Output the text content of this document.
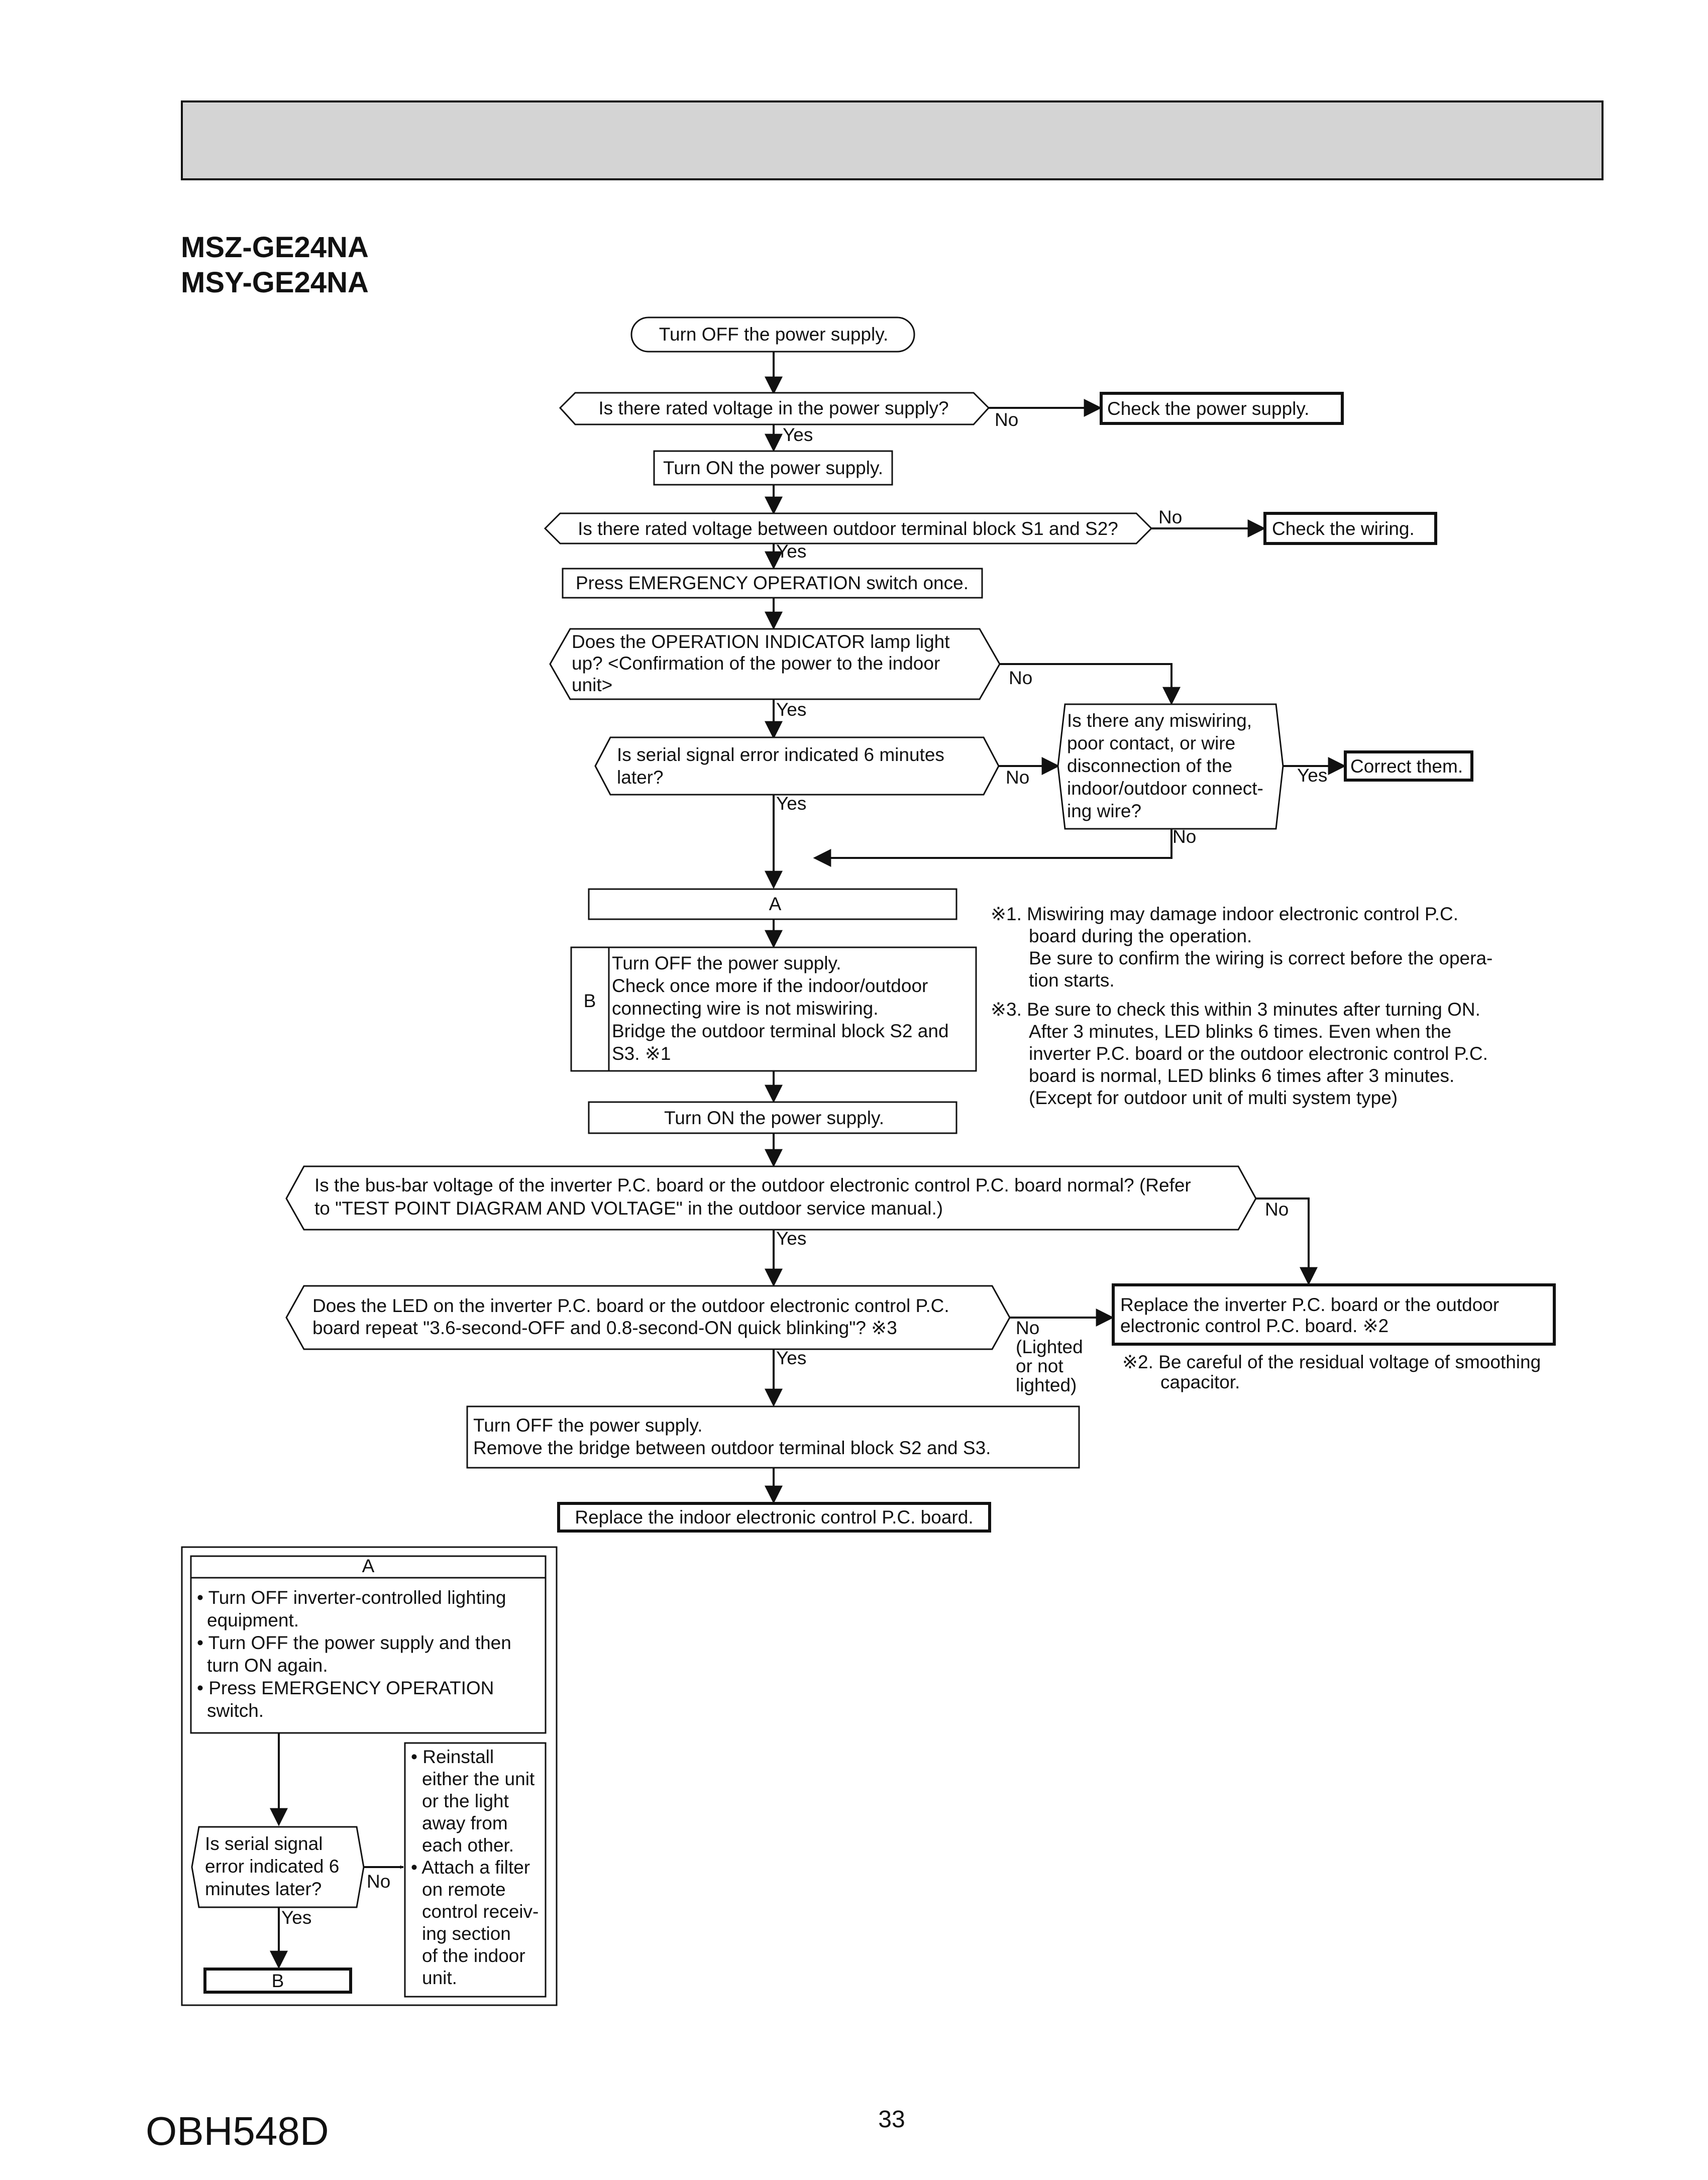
MSZ-GE24NA
MSY-GE24NA
Turn OFF the power supply.
Is there rated voltage in the power supply?
No
Yes
Check the power supply.
Turn ON the power supply.
Is there rated voltage between outdoor terminal block S1 and S2?
No
Yes
Check the wiring.
Press EMERGENCY OPERATION switch once.
Does the OPERATION INDICATOR lamp light
up? <Confirmation of the power to the indoor
unit>	No
Yes
Is there any miswiring,
poor contact, or wire
disconnection of the
indoor/outdoor connect-
ing wire?
Yes
No
Correct them.
Is serial signal error indicated 6 minutes
later?	No
Yes
A
B
Turn OFF the power supply.
Check once more if the indoor/outdoor
connecting wire is not miswiring.
Bridge the outdoor terminal block S2 and
S3. ※1
Turn ON the power supply.
※1. Miswiring may damage indoor electronic control P.C.
board during the operation.
Be sure to confirm the wiring is correct before the opera-
tion starts.
※3. Be sure to check this within 3 minutes after turning ON.
After 3 minutes, LED blinks 6 times. Even when the
inverter P.C. board or the outdoor electronic control P.C.
board is normal, LED blinks 6 times after 3 minutes.
(Except for outdoor unit of multi system type)
Is the bus-bar voltage of the inverter P.C. board or the outdoor electronic control P.C. board normal? (Refer
to "TEST POINT DIAGRAM AND VOLTAGE" in the outdoor service manual.)	No
Yes
Does the LED on the inverter P.C. board or the outdoor electronic control P.C.
board repeat "3.6-second-OFF and 0.8-second-ON quick blinking"? ※3	No
(Lighted
or not
lighted)
Yes
Replace the inverter P.C. board or the outdoor
electronic control P.C. board. ※2
※2. Be careful of the residual voltage of smoothing
capacitor.
Turn OFF the power supply.
Remove the bridge between outdoor terminal block S2 and S3.
Replace the indoor electronic control P.C. board.
A
• Turn OFF inverter-controlled lighting
equipment.
• Turn OFF the power supply and then
turn ON again.
• Press EMERGENCY OPERATION
switch.
Is serial signal
error indicated 6
minutes later? No
• Reinstall
either the unit
or the light
away from
each other.
• Attach a filter
on remote
control receiv-
ing section
of the indoor
unit.
Yes
B
OBH548D	33
